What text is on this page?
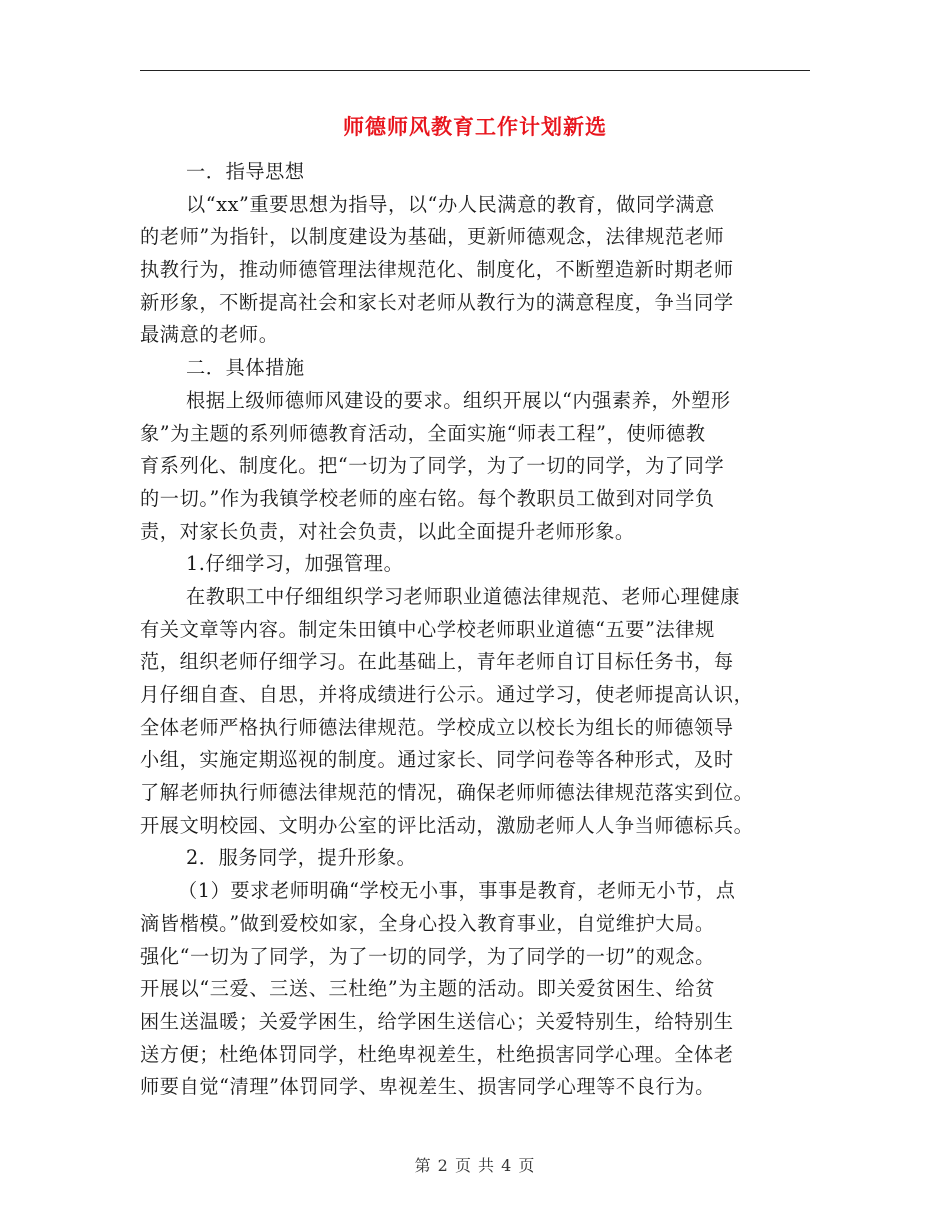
师德师风教育工作计划新选
一．指导思想
以“xx”重要思想为指导，以“办人民满意的教育，做同学满意
的老师”为指针，以制度建设为基础，更新师德观念，法律规范老师
执教行为，推动师德管理法律规范化、制度化，不断塑造新时期老师
新形象，不断提高社会和家长对老师从教行为的满意程度，争当同学
最满意的老师。
二．具体措施
根据上级师德师风建设的要求。组织开展以“内强素养，外塑形
象”为主题的系列师德教育活动，全面实施“师表工程”，使师德教
育系列化、制度化。把“一切为了同学，为了一切的同学，为了同学
的一切。”作为我镇学校老师的座右铭。每个教职员工做到对同学负
责，对家长负责，对社会负责，以此全面提升老师形象。
1.仔细学习，加强管理。
在教职工中仔细组织学习老师职业道德法律规范、老师心理健康
有关文章等内容。制定朱田镇中心学校老师职业道德“五要”法律规
范，组织老师仔细学习。在此基础上，青年老师自订目标任务书，每
月仔细自查、自思，并将成绩进行公示。通过学习，使老师提高认识，
全体老师严格执行师德法律规范。学校成立以校长为组长的师德领导
小组，实施定期巡视的制度。通过家长、同学问卷等各种形式，及时
了解老师执行师德法律规范的情况，确保老师师德法律规范落实到位。
开展文明校园、文明办公室的评比活动，激励老师人人争当师德标兵。
2．服务同学，提升形象。
（1）要求老师明确“学校无小事，事事是教育，老师无小节，点
滴皆楷模。”做到爱校如家，全身心投入教育事业，自觉维护大局。
强化“一切为了同学，为了一切的同学，为了同学的一切”的观念。
开展以“三爱、三送、三杜绝”为主题的活动。即关爱贫困生、给贫
困生送温暖；关爱学困生，给学困生送信心；关爱特别生，给特别生
送方便；杜绝体罚同学，杜绝卑视差生，杜绝损害同学心理。全体老
师要自觉“清理”体罚同学、卑视差生、损害同学心理等不良行为。
第 2 页 共 4 页
